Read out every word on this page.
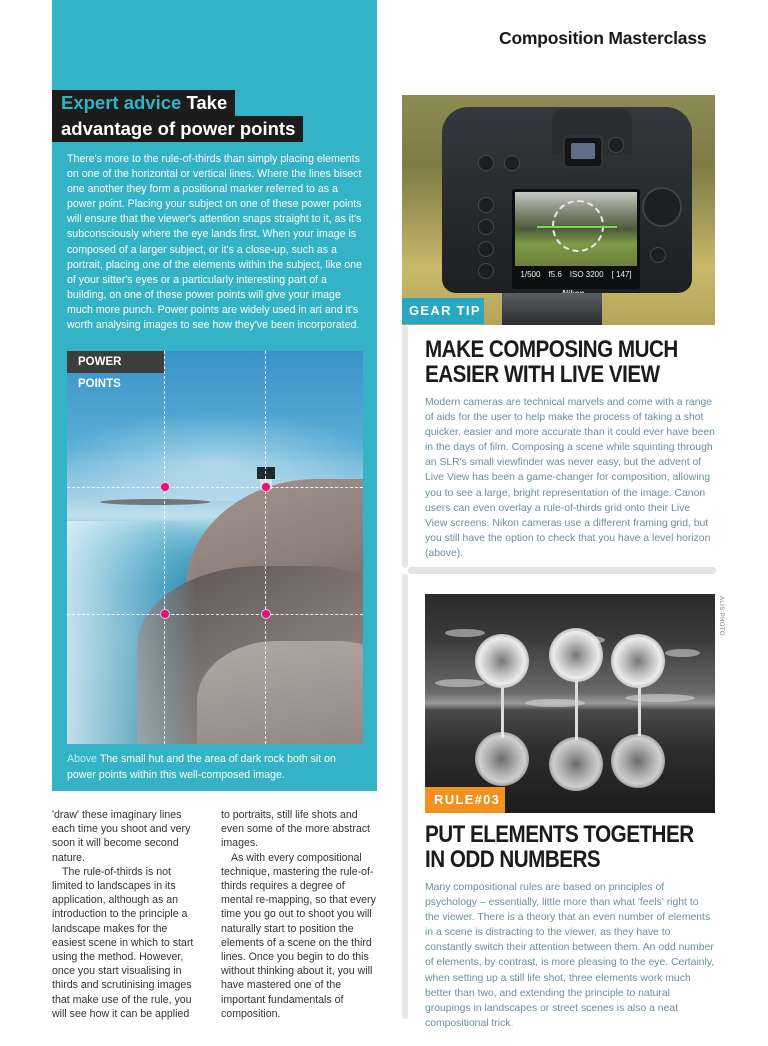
Composition Masterclass
Expert advice Take
advantage of power points
There's more to the rule-of-thirds than simply placing elements on one of the horizontal or vertical lines. Where the lines bisect one another they form a positional marker referred to as a power point. Placing your subject on one of these power points will ensure that the viewer's attention snaps straight to it, as it's subconsciously where the eye lands first. When your image is composed of a larger subject, or it's a close-up, such as a portrait, placing one of the elements within the subject, like one of your sitter's eyes or a particularly interesting part of a building, on one of these power points will give your image much more punch. Power points are widely used in art and it's worth analysing images to see how they've been incorporated.
POWER POINTS
Above The small hut and the area of dark rock both sit on power points within this well-composed image.

'draw' these imaginary lines each time you shoot and very soon it will become second nature.

The rule-of-thirds is not limited to landscapes in its application, although as an introduction to the principle a landscape makes for the easiest scene in which to start using the method. However, once you start visualising in thirds and scrutinising images that make use of the rule, you will see how it can be applied

to portraits, still life shots and even some of the more abstract images.

As with every compositional technique, mastering the rule-of-thirds requires a degree of mental re-mapping, so that every time you go out to shoot you will naturally start to position the elements of a scene on the third lines. Once you begin to do this without thinking about it, you will have mastered one of the important fundamentals of composition.

1/500 f5.6 ISO 3200 [ 147]
GEAR TIP
MAKE COMPOSING MUCH
EASIER WITH LIVE VIEW
Modern cameras are technical marvels and come with a range of aids for the user to help make the process of taking a shot quicker, easier and more accurate than it could ever have been in the days of film. Composing a scene while squinting through an SLR's small viewfinder was never easy, but the advent of Live View has been a game-changer for composition, allowing you to see a large, bright representation of the image. Canon users can even overlay a rule-of-thirds grid onto their Live View screens. Nikon cameras use a different framing grid, but you still have the option to check that you have a level horizon (above).
RULE#03
ALIS PHOTO
PUT ELEMENTS TOGETHER
IN ODD NUMBERS
Many compositional rules are based on principles of psychology – essentially, little more than what 'feels' right to the viewer. There is a theory that an even number of elements in a scene is distracting to the viewer, as they have to constantly switch their attention between them. An odd number of elements, by contrast, is more pleasing to the eye. Certainly, when setting up a still life shot, three elements work much better than two, and extending the principle to natural groupings in landscapes or street scenes is also a neat compositional trick.
